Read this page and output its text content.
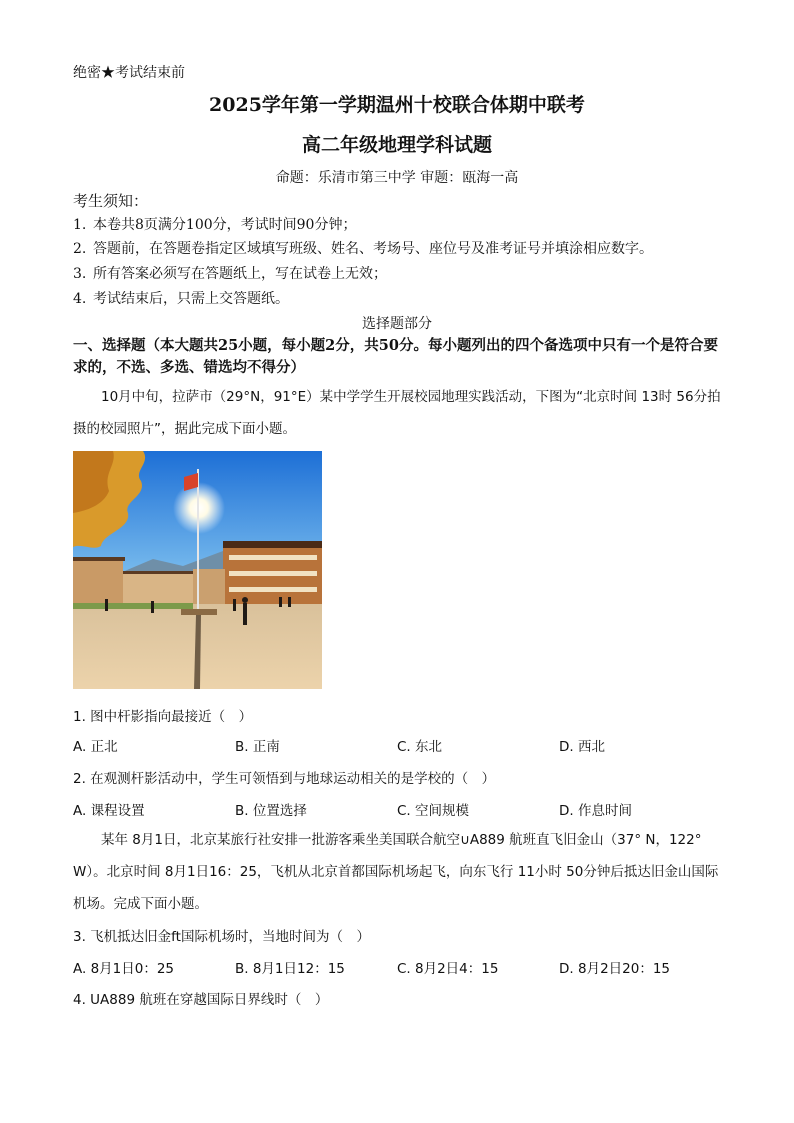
绝密★考试结束前
2025学年第一学期温州十校联合体期中联考
高二年级地理学科试题
命题：乐清市第三中学 审题：瓯海一高
考生须知：
1. 本卷共8页满分100分，考试时间90分钟；
2. 答题前，在答题卷指定区域填写班级、姓名、考场号、座位号及准考证号并填涂相应数字。
3. 所有答案必须写在答题纸上，写在试卷上无效；
4. 考试结束后，只需上交答题纸。
选择题部分
一、选择题（本大题共25小题，每小题2分，共50分。每小题列出的四个备选项中只有一个是符合要求的，不选、多选、错选均不得分）
10月中旬，拉萨市（29°N，91°E）某中学学生开展校园地理实践活动，下图为“北京时间 13时 56分拍摄的校园照片”，据此完成下面小题。
1. 图中杆影指向最接近（　）
A. 正北	B. 正南	C. 东北	D. 西北
2. 在观测杆影活动中，学生可领悟到与地球运动相关的是学校的（　）
A. 课程设置	B. 位置选择	C. 空间规模	D. 作息时间
某年 8月1日，北京某旅行社安排一批游客乘坐美国联合航空∪A889 航班直飞旧金山（37° N，122° W）。北京时间 8月1日16：25，飞机从北京首都国际机场起飞，向东飞行 11小时 50分钟后抵达旧金山国际机场。完成下面小题。
3. 飞机抵达旧金ft国际机场时，当地时间为（　）
A. 8月1日0：25	B. 8月1日12：15	C. 8月2日4：15	D. 8月2日20：15
4. UA889 航班在穿越国际日界线时（　）
